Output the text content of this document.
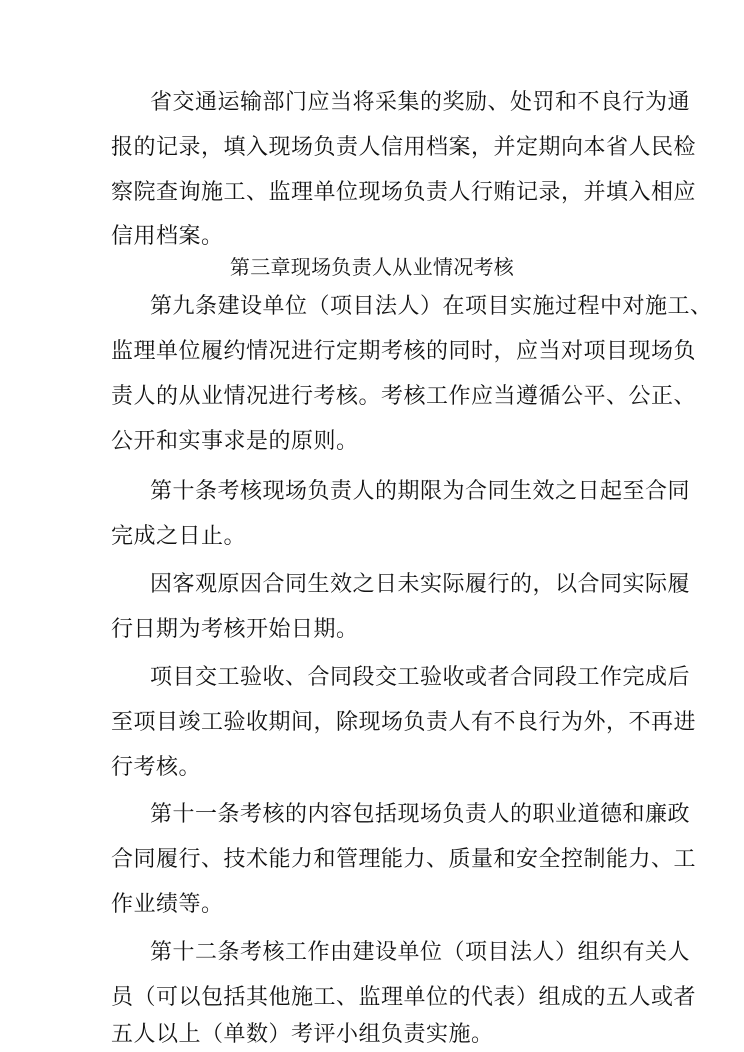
省交通运输部门应当将采集的奖励、处罚和不良行为通
报的记录，填入现场负责人信用档案，并定期向本省人民检
察院查询施工、监理单位现场负责人行贿记录，并填入相应
信用档案。
第三章现场负责人从业情况考核
第九条建设单位（项目法人）在项目实施过程中对施工、
监理单位履约情况进行定期考核的同时，应当对项目现场负
责人的从业情况进行考核。考核工作应当遵循公平、公正、
公开和实事求是的原则。
第十条考核现场负责人的期限为合同生效之日起至合同
完成之日止。
因客观原因合同生效之日未实际履行的，以合同实际履
行日期为考核开始日期。
项目交工验收、合同段交工验收或者合同段工作完成后
至项目竣工验收期间，除现场负责人有不良行为外，不再进
行考核。
第十一条考核的内容包括现场负责人的职业道德和廉政
合同履行、技术能力和管理能力、质量和安全控制能力、工
作业绩等。
第十二条考核工作由建设单位（项目法人）组织有关人
员（可以包括其他施工、监理单位的代表）组成的五人或者
五人以上（单数）考评小组负责实施。
